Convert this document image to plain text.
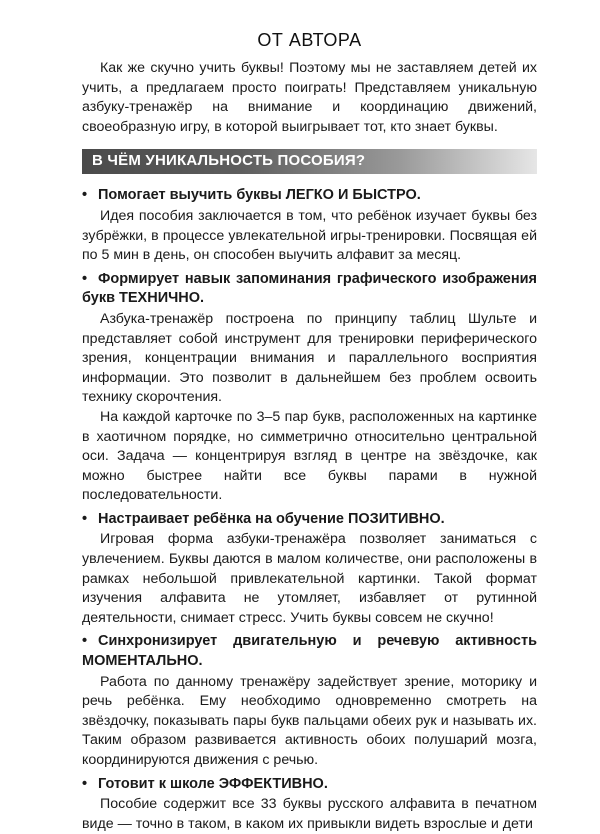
ОТ АВТОРА

Как же скучно учить буквы! Поэтому мы не заставляем детей их учить, а предлагаем просто поиграть! Представляем уникальную азбуку-тренажёр на внимание и координацию движений, своеобразную игру, в которой выигрывает тот, кто знает буквы.

В ЧЁМ УНИКАЛЬНОСТЬ ПОСОБИЯ?
• Помогает выучить буквы ЛЕГКО И БЫСТРО.

Идея пособия заключается в том, что ребёнок изучает буквы без зубрёжки, в процессе увлекательной игры-тренировки. Посвящая ей по 5 мин в день, он способен выучить алфавит за месяц.

• Формирует навык запоминания графического изображения букв ТЕХНИЧНО.

Азбука-тренажёр построена по принципу таблиц Шульте и представляет собой инструмент для тренировки периферического зрения, концентрации внимания и параллельного восприятия информации. Это позволит в дальнейшем без проблем освоить технику скорочтения.

На каждой карточке по 3–5 пар букв, расположенных на картинке в хаотичном порядке, но симметрично относительно центральной оси. Задача — концентрируя взгляд в центре на звёздочке, как можно быстрее найти все буквы парами в нужной последовательности.

• Настраивает ребёнка на обучение ПОЗИТИВНО.

Игровая форма азбуки-тренажёра позволяет заниматься с увлечением. Буквы даются в малом количестве, они расположены в рамках небольшой привлекательной картинки. Такой формат изучения алфавита не утомляет, избавляет от рутинной деятельности, снимает стресс. Учить буквы совсем не скучно!

• Синхронизирует двигательную и речевую активность МОМЕНТАЛЬНО.

Работа по данному тренажёру задействует зрение, моторику и речь ребёнка. Ему необходимо одновременно смотреть на звёздочку, показывать пары букв пальцами обеих рук и называть их. Таким образом развивается активность обоих полушарий мозга, координируются движения с речью.

• Готовит к школе ЭФФЕКТИВНО.

Пособие содержит все 33 буквы русского алфавита в печатном виде — точно в таком, в каком их привыкли видеть взрослые и дети
